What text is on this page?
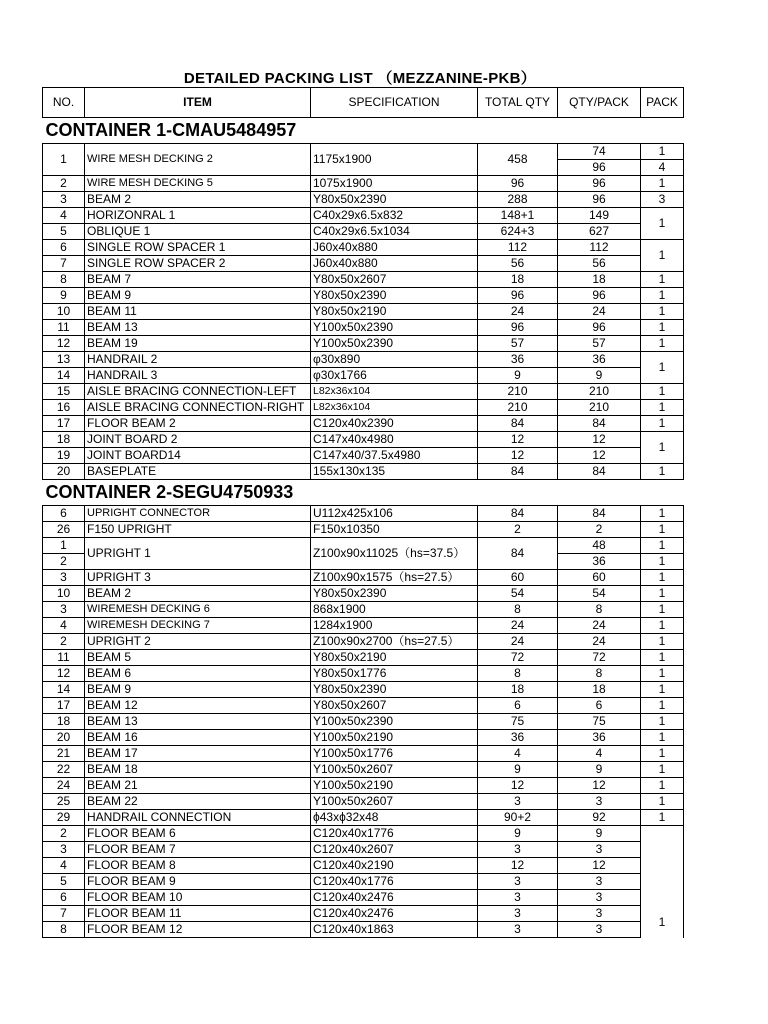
DETAILED PACKING LIST （MEZZANINE-PKB）
NO.	ITEM	SPECIFICATION	TOTAL QTY	QTY/PACK	PACK
CONTAINER 1-CMAU5484957					
1	WIRE MESH DECKING 2	1175x1900	458	74	1
				96	4
2	WIRE MESH DECKING 5	1075x1900	96	96	1
3	BEAM 2	Y80x50x2390	288	96	3
4	HORIZONRAL 1	C40x29x6.5x832	148+1	149	1
5	OBLIQUE 1	C40x29x6.5x1034	624+3	627	
6	SINGLE ROW SPACER 1	J60x40x880	112	112	1
7	SINGLE ROW SPACER 2	J60x40x880	56	56	
8	BEAM 7	Y80x50x2607	18	18	1
9	BEAM 9	Y80x50x2390	96	96	1
10	BEAM 11	Y80x50x2190	24	24	1
11	BEAM 13	Y100x50x2390	96	96	1
12	BEAM 19	Y100x50x2390	57	57	1
13	HANDRAIL 2	φ30x890	36	36	1
14	HANDRAIL 3	φ30x1766	9	9	
15	AISLE BRACING CONNECTION-LEFT	L82x36x104	210	210	1
16	AISLE BRACING CONNECTION-RIGHT	L82x36x104	210	210	1
17	FLOOR BEAM 2	C120x40x2390	84	84	1
18	JOINT BOARD 2	C147x40x4980	12	12	1
19	JOINT BOARD14	C147x40/37.5x4980	12	12	
20	BASEPLATE	155x130x135	84	84	1
CONTAINER 2-SEGU4750933					
6	UPRIGHT CONNECTOR	U112x425x106	84	84	1
26	F150 UPRIGHT	F150x10350	2	2	1
1	UPRIGHT 1	Z100x90x11025（hs=37.5）	84	48	1
2				36	1
3	UPRIGHT 3	Z100x90x1575（hs=27.5）	60	60	1
10	BEAM 2	Y80x50x2390	54	54	1
3	WIREMESH DECKING 6	868x1900	8	8	1
4	WIREMESH DECKING 7	1284x1900	24	24	1
2	UPRIGHT 2	Z100x90x2700（hs=27.5）	24	24	1
11	BEAM 5	Y80x50x2190	72	72	1
12	BEAM 6	Y80x50x1776	8	8	1
14	BEAM 9	Y80x50x2390	18	18	1
17	BEAM 12	Y80x50x2607	6	6	1
18	BEAM 13	Y100x50x2390	75	75	1
20	BEAM 16	Y100x50x2190	36	36	1
21	BEAM 17	Y100x50x1776	4	4	1
22	BEAM 18	Y100x50x2607	9	9	1
24	BEAM 21	Y100x50x2190	12	12	1
25	BEAM 22	Y100x50x2607	3	3	1
29	HANDRAIL CONNECTION	ϕ43xϕ32x48	90+2	92	1
2	FLOOR BEAM 6	C120x40x1776	9	9	1
3	FLOOR BEAM 7	C120x40x2607	3	3	
4	FLOOR BEAM 8	C120x40x2190	12	12	
5	FLOOR BEAM 9	C120x40x1776	3	3	
6	FLOOR BEAM 10	C120x40x2476	3	3	
7	FLOOR BEAM 11	C120x40x2476	3	3	
8	FLOOR BEAM 12	C120x40x1863	3	3	
